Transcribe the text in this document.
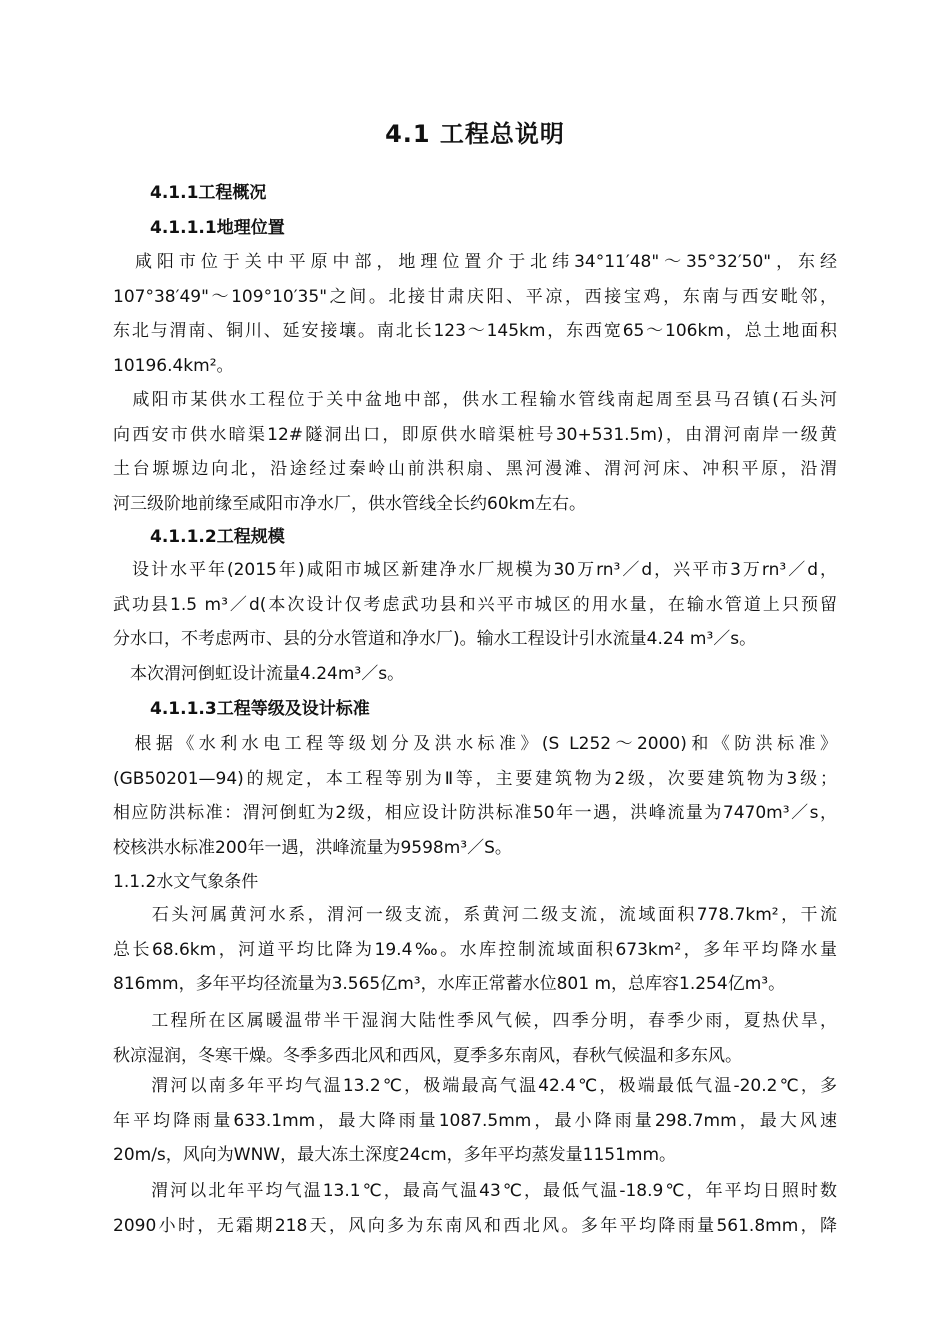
4.1 工程总说明
4.1.1工程概况
4.1.1.1地理位置

　咸阳市位于关中平原中部，地理位置介于北纬34°11′48"～35°32′50"，东经
107°38′49"～109°10′35"之间。北接甘肃庆阳、平凉，西接宝鸡，东南与西安毗邻，
东北与渭南、铜川、延安接壤。南北长123～145km，东西宽65～106km，总土地面积
10196.4km²。

　咸阳市某供水工程位于关中盆地中部，供水工程输水管线南起周至县马召镇(石头河
向西安市供水暗渠12#隧洞出口，即原供水暗渠桩号30+531.5m)，由渭河南岸一级黄
土台塬塬边向北，沿途经过秦岭山前洪积扇、黑河漫滩、渭河河床、冲积平原，沿渭
河三级阶地前缘至咸阳市净水厂，供水管线全长约60km左右。

4.1.1.2工程规模

　设计水平年(2015年)咸阳市城区新建净水厂规模为30万rn³／d，兴平市3万rn³／d，
武功县1.5 m³／d(本次设计仅考虑武功县和兴平市城区的用水量，在输水管道上只预留
分水口，不考虑两市、县的分水管道和净水厂)。输水工程设计引水流量4.24 m³／s。

　本次渭河倒虹设计流量4.24m³／s。

4.1.1.3工程等级及设计标准

　根据《水利水电工程等级划分及洪水标准》(S L252～2000)和《防洪标准》
(GB50201—94)的规定，本工程等别为Ⅱ等，主要建筑物为2级，次要建筑物为3级；
相应防洪标准：渭河倒虹为2级，相应设计防洪标准50年一遇，洪峰流量为7470m³／s，
校核洪水标准200年一遇，洪峰流量为9598m³／S。

1.1.2水文气象条件

　　石头河属黄河水系，渭河一级支流，系黄河二级支流，流域面积778.7km²，干流
总长68.6km，河道平均比降为19.4‰。水库控制流域面积673km²，多年平均降水量
816mm，多年平均径流量为3.565亿m³，水库正常蓄水位801 m，总库容1.254亿m³。

　　工程所在区属暖温带半干湿润大陆性季风气候，四季分明，春季少雨，夏热伏旱，
秋凉湿润，冬寒干燥。冬季多西北风和西风，夏季多东南风，春秋气候温和多东风。

　　渭河以南多年平均气温13.2℃，极端最高气温42.4℃，极端最低气温-20.2℃，多
年平均降雨量633.1mm，最大降雨量1087.5mm，最小降雨量298.7mm，最大风速
20m/s，风向为WNW，最大冻土深度24cm，多年平均蒸发量1151mm。

　　渭河以北年平均气温13.1℃，最高气温43℃，最低气温-18.9℃，年平均日照时数
2090小时，无霜期218天，风向多为东南风和西北风。多年平均降雨量561.8mm，降
